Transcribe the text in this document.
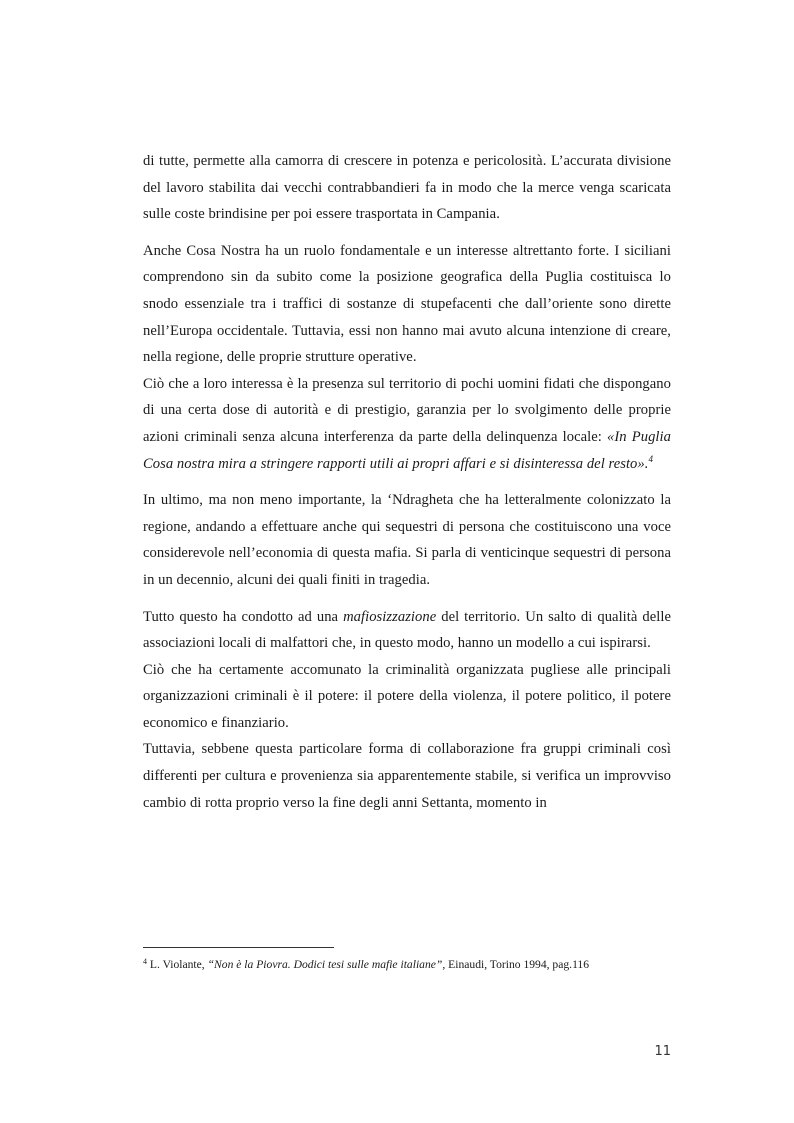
di tutte, permette alla camorra di crescere in potenza e pericolosità. L’accurata divisione del lavoro stabilita dai vecchi contrabbandieri fa in modo che la merce venga scaricata sulle coste brindisine per poi essere trasportata in Campania.

Anche Cosa Nostra ha un ruolo fondamentale e un interesse altrettanto forte. I siciliani comprendono sin da subito come la posizione geografica della Puglia costituisca lo snodo essenziale tra i traffici di sostanze di stupefacenti che dall’oriente sono dirette nell’Europa occidentale. Tuttavia, essi non hanno mai avuto alcuna intenzione di creare, nella regione, delle proprie strutture operative.

Ciò che a loro interessa è la presenza sul territorio di pochi uomini fidati che dispongano di una certa dose di autorità e di prestigio, garanzia per lo svolgimento delle proprie azioni criminali senza alcuna interferenza da parte della delinquenza locale: «In Puglia Cosa nostra mira a stringere rapporti utili ai propri affari e si disinteressa del resto».$^4$

In ultimo, ma non meno importante, la ‘Ndragheta che ha letteralmente colonizzato la regione, andando a effettuare anche qui sequestri di persona che costituiscono una voce considerevole nell’economia di questa mafia. Si parla di venticinque sequestri di persona in un decennio, alcuni dei quali finiti in tragedia.

Tutto questo ha condotto ad una mafiosizzazione del territorio. Un salto di qualità delle associazioni locali di malfattori che, in questo modo, hanno un modello a cui ispirarsi.

Ciò che ha certamente accomunato la criminalità organizzata pugliese alle principali organizzazioni criminali è il potere: il potere della violenza, il potere politico, il potere economico e finanziario.

Tuttavia, sebbene questa particolare forma di collaborazione fra gruppi criminali così differenti per cultura e provenienza sia apparentemente stabile, si verifica un improvviso cambio di rotta proprio verso la fine degli anni Settanta, momento in

$^4$ L. Violante, “Non è la Piovra. Dodici tesi sulle mafie italiane”, Einaudi, Torino 1994, pag.116
11
